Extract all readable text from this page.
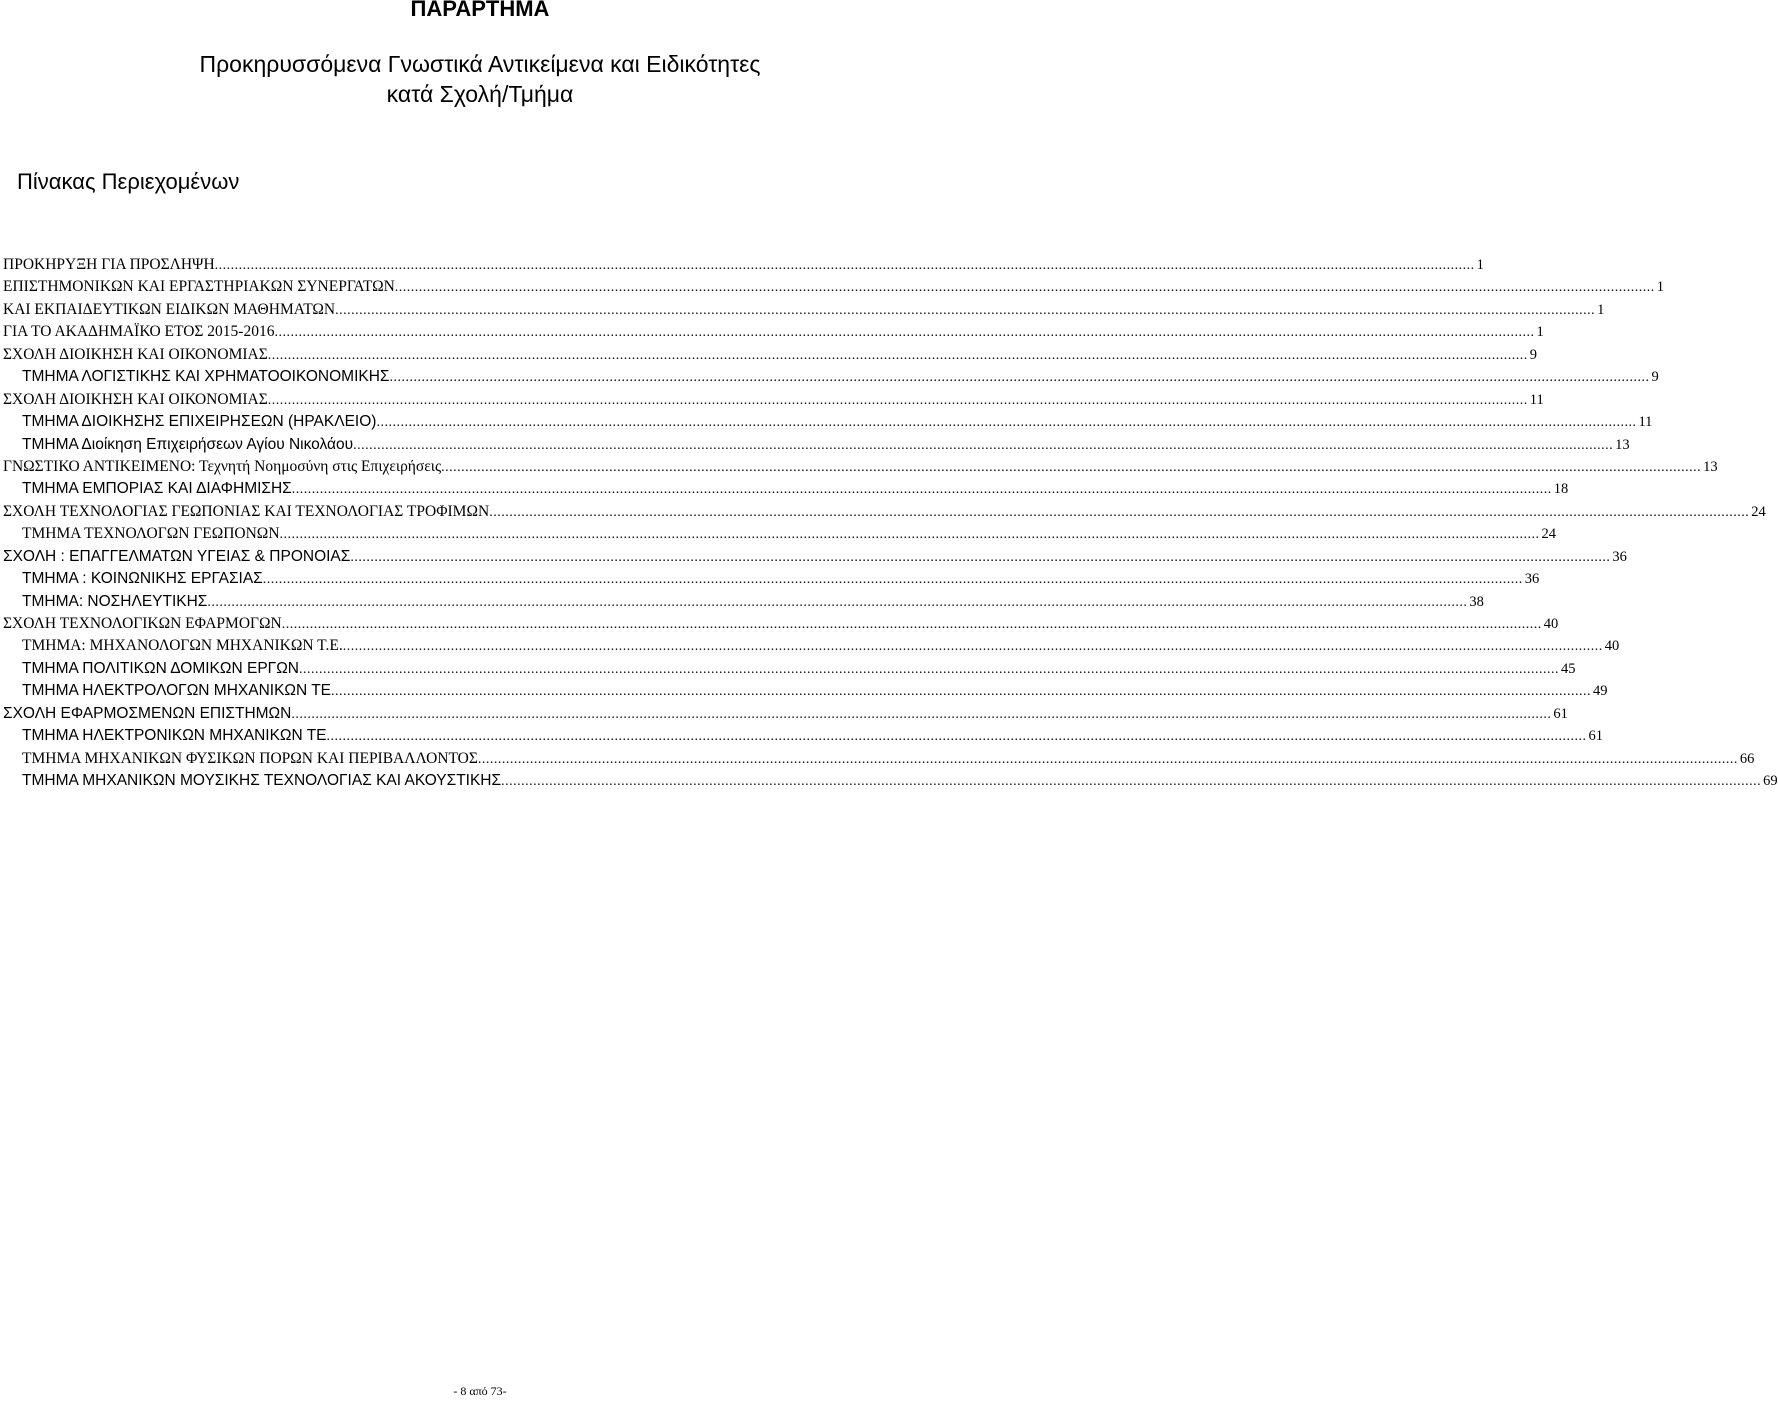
ΠΑΡΑΡΤΗΜΑ
Προκηρυσσόμενα Γνωστικά Αντικείμενα και Ειδικότητες
κατά Σχολή/Τμήμα
Πίνακας Περιεχομένων
ΠΡΟΚΗΡΥΞΗ ΓΙΑ ΠΡΟΣΛΗΨΗ ........................................................................................................................................................................................................................................................................................................................... 1
ΕΠΙΣΤΗΜΟΝΙΚΩΝ ΚΑΙ ΕΡΓΑΣΤΗΡΙΑΚΩΝ ΣΥΝΕΡΓΑΤΩΝ ........................................................................................................................................................................................................................................................................................................................... 1
ΚΑΙ ΕΚΠΑΙΔΕΥΤΙΚΩΝ ΕΙΔΙΚΩΝ ΜΑΘΗΜΑΤΩΝ ........................................................................................................................................................................................................................................................................................................................... 1
ΓΙΑ ΤΟ ΑΚΑΔΗΜΑΪΚΟ ΕΤΟΣ 2015-2016 ........................................................................................................................................................................................................................................................................................................................... 1
ΣΧΟΛΗ ΔΙΟΙΚΗΣΗ ΚΑΙ ΟΙΚΟΝΟΜΙΑΣ ........................................................................................................................................................................................................................................................................................................................... 9
ΤΜΗΜΑ ΛΟΓΙΣΤΙΚΗΣ ΚΑΙ ΧΡΗΜΑΤΟΟΙΚΟΝΟΜΙΚΗΣ ........................................................................................................................................................................................................................................................................................................................... 9
ΣΧΟΛΗ ΔΙΟΙΚΗΣΗ ΚΑΙ ΟΙΚΟΝΟΜΙΑΣ ........................................................................................................................................................................................................................................................................................................................... 11
ΤΜΗΜΑ ΔΙΟΙΚΗΣΗΣ ΕΠΙΧΕΙΡΗΣΕΩΝ (ΗΡΑΚΛΕΙΟ) ........................................................................................................................................................................................................................................................................................................................... 11
ΤΜΗΜΑ Διοίκηση Επιχειρήσεων Αγίου Νικολάου ........................................................................................................................................................................................................................................................................................................................... 13
ΓΝΩΣΤΙΚΟ ΑΝΤΙΚΕΙΜΕΝΟ: Τεχνητή Νοημοσύνη στις Επιχειρήσεις ........................................................................................................................................................................................................................................................................................................................... 13
ΤΜΗΜΑ ΕΜΠΟΡΙΑΣ ΚΑΙ ΔΙΑΦΗΜΙΣΗΣ ........................................................................................................................................................................................................................................................................................................................... 18
ΣΧΟΛΗ ΤΕΧΝΟΛΟΓΙΑΣ ΓΕΩΠΟΝΙΑΣ ΚΑΙ ΤΕΧΝΟΛΟΓΙΑΣ ΤΡΟΦΙΜΩΝ ........................................................................................................................................................................................................................................................................................................................... 24
ΤΜΗΜΑ ΤΕΧΝΟΛΟΓΩΝ ΓΕΩΠΟΝΩΝ ........................................................................................................................................................................................................................................................................................................................... 24
ΣΧΟΛΗ : ΕΠΑΓΓΕΛΜΑΤΩΝ ΥΓΕΙΑΣ & ΠΡΟΝΟΙΑΣ ........................................................................................................................................................................................................................................................................................................................... 36
ΤΜΗΜΑ : ΚΟΙΝΩΝΙΚΗΣ ΕΡΓΑΣΙΑΣ ........................................................................................................................................................................................................................................................................................................................... 36
ΤΜΗΜΑ: ΝΟΣΗΛΕΥΤΙΚΗΣ ........................................................................................................................................................................................................................................................................................................................... 38
ΣΧΟΛΗ ΤΕΧΝΟΛΟΓΙΚΩΝ ΕΦΑΡΜΟΓΩΝ ........................................................................................................................................................................................................................................................................................................................... 40
ΤΜΗΜΑ: ΜΗΧΑΝΟΛΟΓΩΝ ΜΗΧΑΝΙΚΩΝ Τ.Ε. ........................................................................................................................................................................................................................................................................................................................... 40
ΤΜΗΜΑ ΠΟΛΙΤΙΚΩΝ ΔΟΜΙΚΩΝ ΕΡΓΩΝ ........................................................................................................................................................................................................................................................................................................................... 45
ΤΜΗΜΑ ΗΛΕΚΤΡΟΛΟΓΩΝ ΜΗΧΑΝΙΚΩΝ ΤΕ ........................................................................................................................................................................................................................................................................................................................... 49
ΣΧΟΛΗ ΕΦΑΡΜΟΣΜΕΝΩΝ ΕΠΙΣΤΗΜΩΝ ........................................................................................................................................................................................................................................................................................................................... 61
ΤΜΗΜΑ ΗΛΕΚΤΡΟΝΙΚΩΝ ΜΗΧΑΝΙΚΩΝ ΤΕ ........................................................................................................................................................................................................................................................................................................................... 61
ΤΜΗΜΑ ΜΗΧΑΝΙΚΩΝ ΦΥΣΙΚΩΝ ΠΟΡΩΝ ΚΑΙ ΠΕΡΙΒΑΛΛΟΝΤΟΣ ........................................................................................................................................................................................................................................................................................................................... 66
ΤΜΗΜΑ ΜΗΧΑΝΙΚΩΝ ΜΟΥΣΙΚΗΣ ΤΕΧΝΟΛΟΓΙΑΣ ΚΑΙ ΑΚΟΥΣΤΙΚΗΣ ........................................................................................................................................................................................................................................................................................................................... 69
- 8 από 73-
